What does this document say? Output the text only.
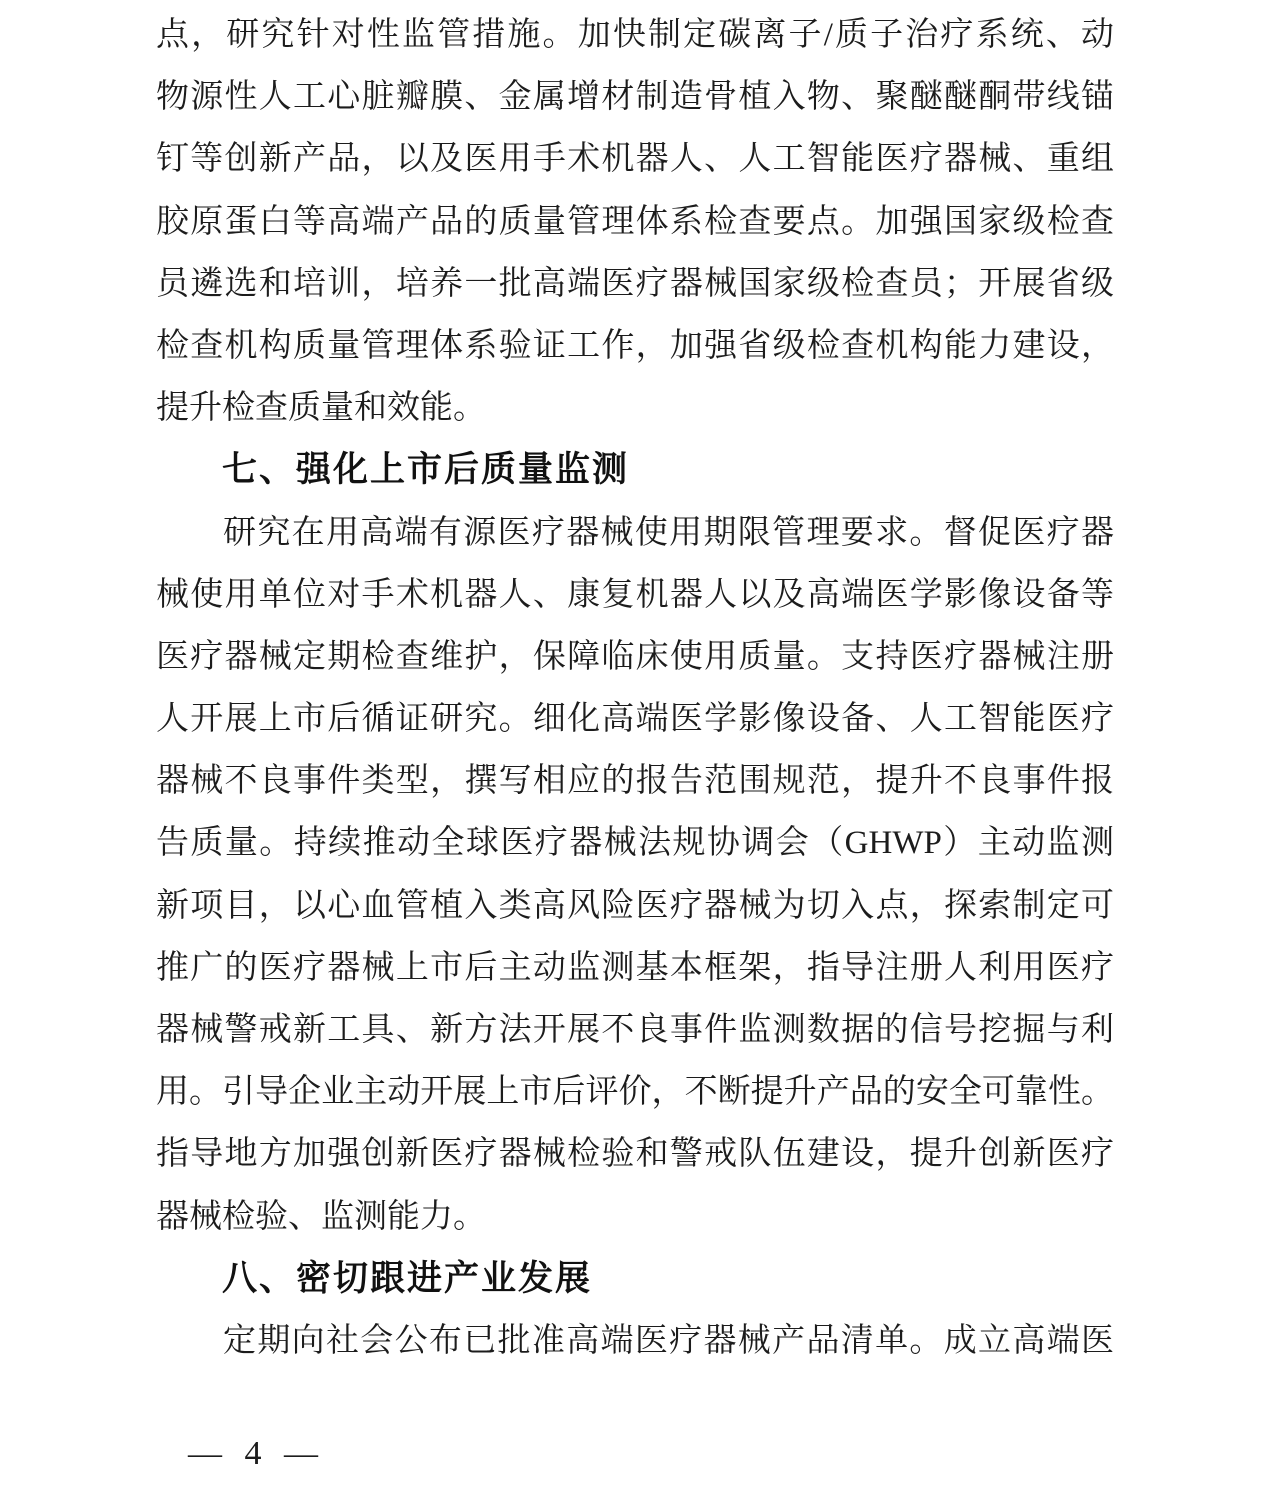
点，研究针对性监管措施。加快制定碳离子/质子治疗系统、动
物源性人工心脏瓣膜、金属增材制造骨植入物、聚醚醚酮带线锚
钉等创新产品，以及医用手术机器人、人工智能医疗器械、重组
胶原蛋白等高端产品的质量管理体系检查要点。加强国家级检查
员遴选和培训，培养一批高端医疗器械国家级检查员；开展省级
检查机构质量管理体系验证工作，加强省级检查机构能力建设，
提升检查质量和效能。
七、强化上市后质量监测
研究在用高端有源医疗器械使用期限管理要求。督促医疗器
械使用单位对手术机器人、康复机器人以及高端医学影像设备等
医疗器械定期检查维护，保障临床使用质量。支持医疗器械注册
人开展上市后循证研究。细化高端医学影像设备、人工智能医疗
器械不良事件类型，撰写相应的报告范围规范，提升不良事件报
告质量。持续推动全球医疗器械法规协调会（GHWP）主动监测
新项目，以心血管植入类高风险医疗器械为切入点，探索制定可
推广的医疗器械上市后主动监测基本框架，指导注册人利用医疗
器械警戒新工具、新方法开展不良事件监测数据的信号挖掘与利
用。引导企业主动开展上市后评价，不断提升产品的安全可靠性。
指导地方加强创新医疗器械检验和警戒队伍建设，提升创新医疗
器械检验、监测能力。
八、密切跟进产业发展
定期向社会公布已批准高端医疗器械产品清单。成立高端医
— 4 —
